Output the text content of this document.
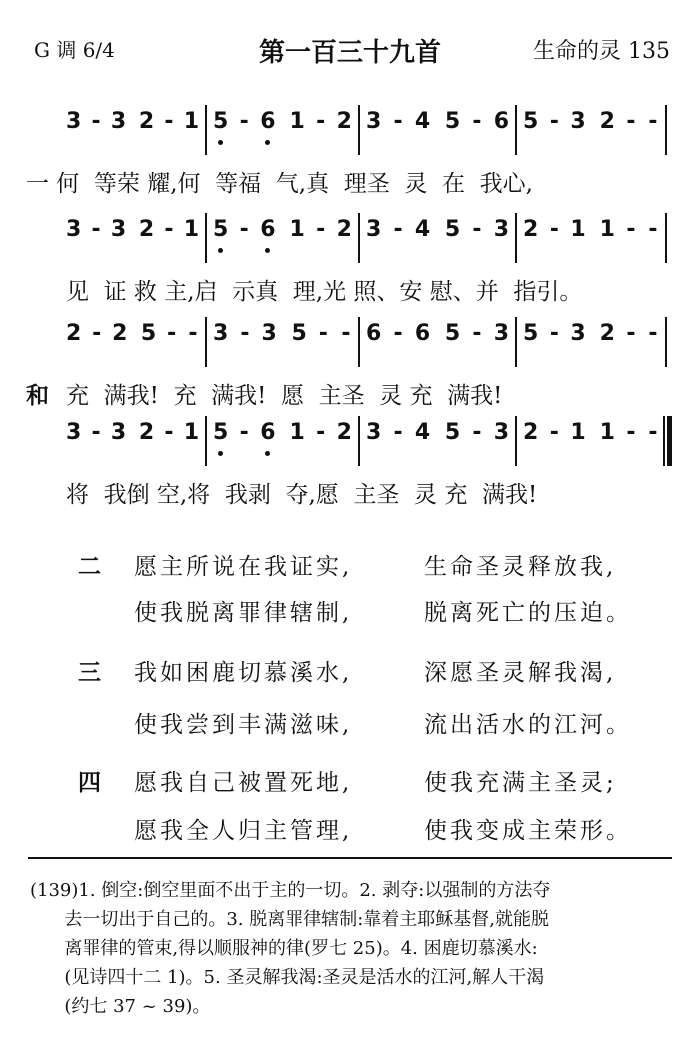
G 调 6/4	第一百三十九首	生命的灵 135
3 - 3 2 - 1 5 - 6 1 - 2 3 - 4 5 - 6 5 - 3 2 - -
一 何  等荣 耀,何  等福  气,真  理圣  灵  在  我心,
3 - 3 2 - 1 5 - 6 1 - 2 3 - 4 5 - 3 2 - 1 1 - -
见  证 救 主,启  示真  理,光 照、安 慰、并  指引。
2 - 2 5 - - 3 - 3 5 - - 6 - 6 5 - 3 5 - 3 2 - -
和 充  满我!  充  满我!  愿  主圣  灵 充  满我!
3 - 3 2 - 1 5 - 6 1 - 2 3 - 4 5 - 3 2 - 1 1 - -
将  我倒 空,将  我剥  夺,愿  主圣  灵 充  满我!
二 愿主所说在我证实,	生命圣灵释放我,
使我脱离罪律辖制,	脱离死亡的压迫。
三 我如困鹿切慕溪水,	深愿圣灵解我渴,
使我尝到丰满滋味,	流出活水的江河。
四 愿我自己被置死地,	使我充满主圣灵;
愿我全人归主管理,	使我变成主荣形。
(139)1. 倒空:倒空里面不出于主的一切。2. 剥夺:以强制的方法夺
去一切出于自己的。3. 脱离罪律辖制:靠着主耶稣基督,就能脱
离罪律的管束,得以顺服神的律(罗七 25)。4. 困鹿切慕溪水:
(见诗四十二 1)。5. 圣灵解我渴:圣灵是活水的江河,解人干渴
(约七 37 ~ 39)。
